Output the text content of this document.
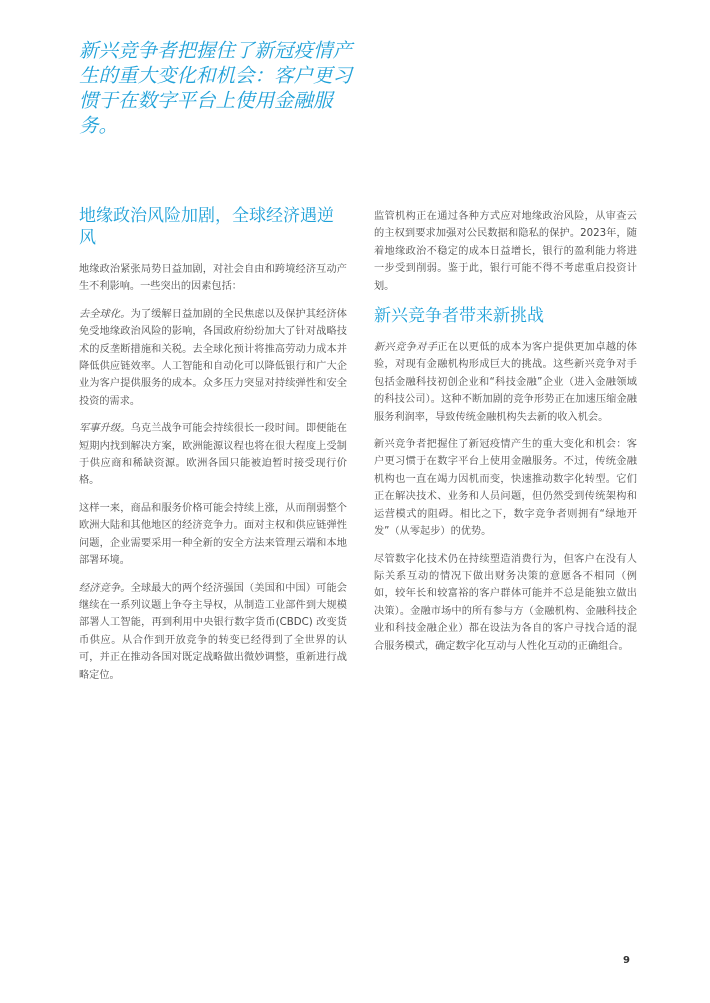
新兴竞争者把握住了新冠疫情产生的重大变化和机会：客户更习惯于在数字平台上使用金融服务。

地缘政治风险加剧，全球经济遇逆风

地缘政治紧张局势日益加剧，对社会自由和跨境经济互动产生不利影响。一些突出的因素包括：

去全球化。为了缓解日益加剧的全民焦虑以及保护其经济体免受地缘政治风险的影响，各国政府纷纷加大了针对战略技术的反垄断措施和关税。去全球化预计将推高劳动力成本并降低供应链效率。人工智能和自动化可以降低银行和广大企业为客户提供服务的成本。众多压力突显对持续弹性和安全投资的需求。

军事升级。乌克兰战争可能会持续很长一段时间。即便能在短期内找到解决方案，欧洲能源议程也将在很大程度上受制于供应商和稀缺资源。欧洲各国只能被迫暂时接受现行价格。

这样一来，商品和服务价格可能会持续上涨，从而削弱整个欧洲大陆和其他地区的经济竞争力。面对主权和供应链弹性问题，企业需要采用一种全新的安全方法来管理云端和本地部署环境。

经济竞争。全球最大的两个经济强国（美国和中国）可能会继续在一系列议题上争夺主导权，从制造工业部件到大规模部署人工智能，再到利用中央银行数字货币(CBDC) 改变货币供应。从合作到开放竞争的转变已经得到了全世界的认可，并正在推动各国对既定战略做出微妙调整，重新进行战略定位。

监管机构正在通过各种方式应对地缘政治风险，从审查云的主权到要求加强对公民数据和隐私的保护。2023年，随着地缘政治不稳定的成本日益增长，银行的盈利能力将进一步受到削弱。鉴于此，银行可能不得不考虑重启投资计划。

新兴竞争者带来新挑战

新兴竞争对手正在以更低的成本为客户提供更加卓越的体验，对现有金融机构形成巨大的挑战。这些新兴竞争对手包括金融科技初创企业和“科技金融”企业（进入金融领域的科技公司）。这种不断加剧的竞争形势正在加速压缩金融服务利润率，导致传统金融机构失去新的收入机会。

新兴竞争者把握住了新冠疫情产生的重大变化和机会：客户更习惯于在数字平台上使用金融服务。不过，传统金融机构也一直在竭力因机而变，快速推动数字化转型。它们正在解决技术、业务和人员问题，但仍然受到传统架构和运营模式的阻碍。相比之下，数字竞争者则拥有“绿地开发”（从零起步）的优势。

尽管数字化技术仍在持续塑造消费行为，但客户在没有人际关系互动的情况下做出财务决策的意愿各不相同（例如，较年长和较富裕的客户群体可能并不总是能独立做出决策）。金融市场中的所有参与方（金融机构、金融科技企业和科技金融企业）都在设法为各自的客户寻找合适的混合服务模式，确定数字化互动与人性化互动的正确组合。

9
